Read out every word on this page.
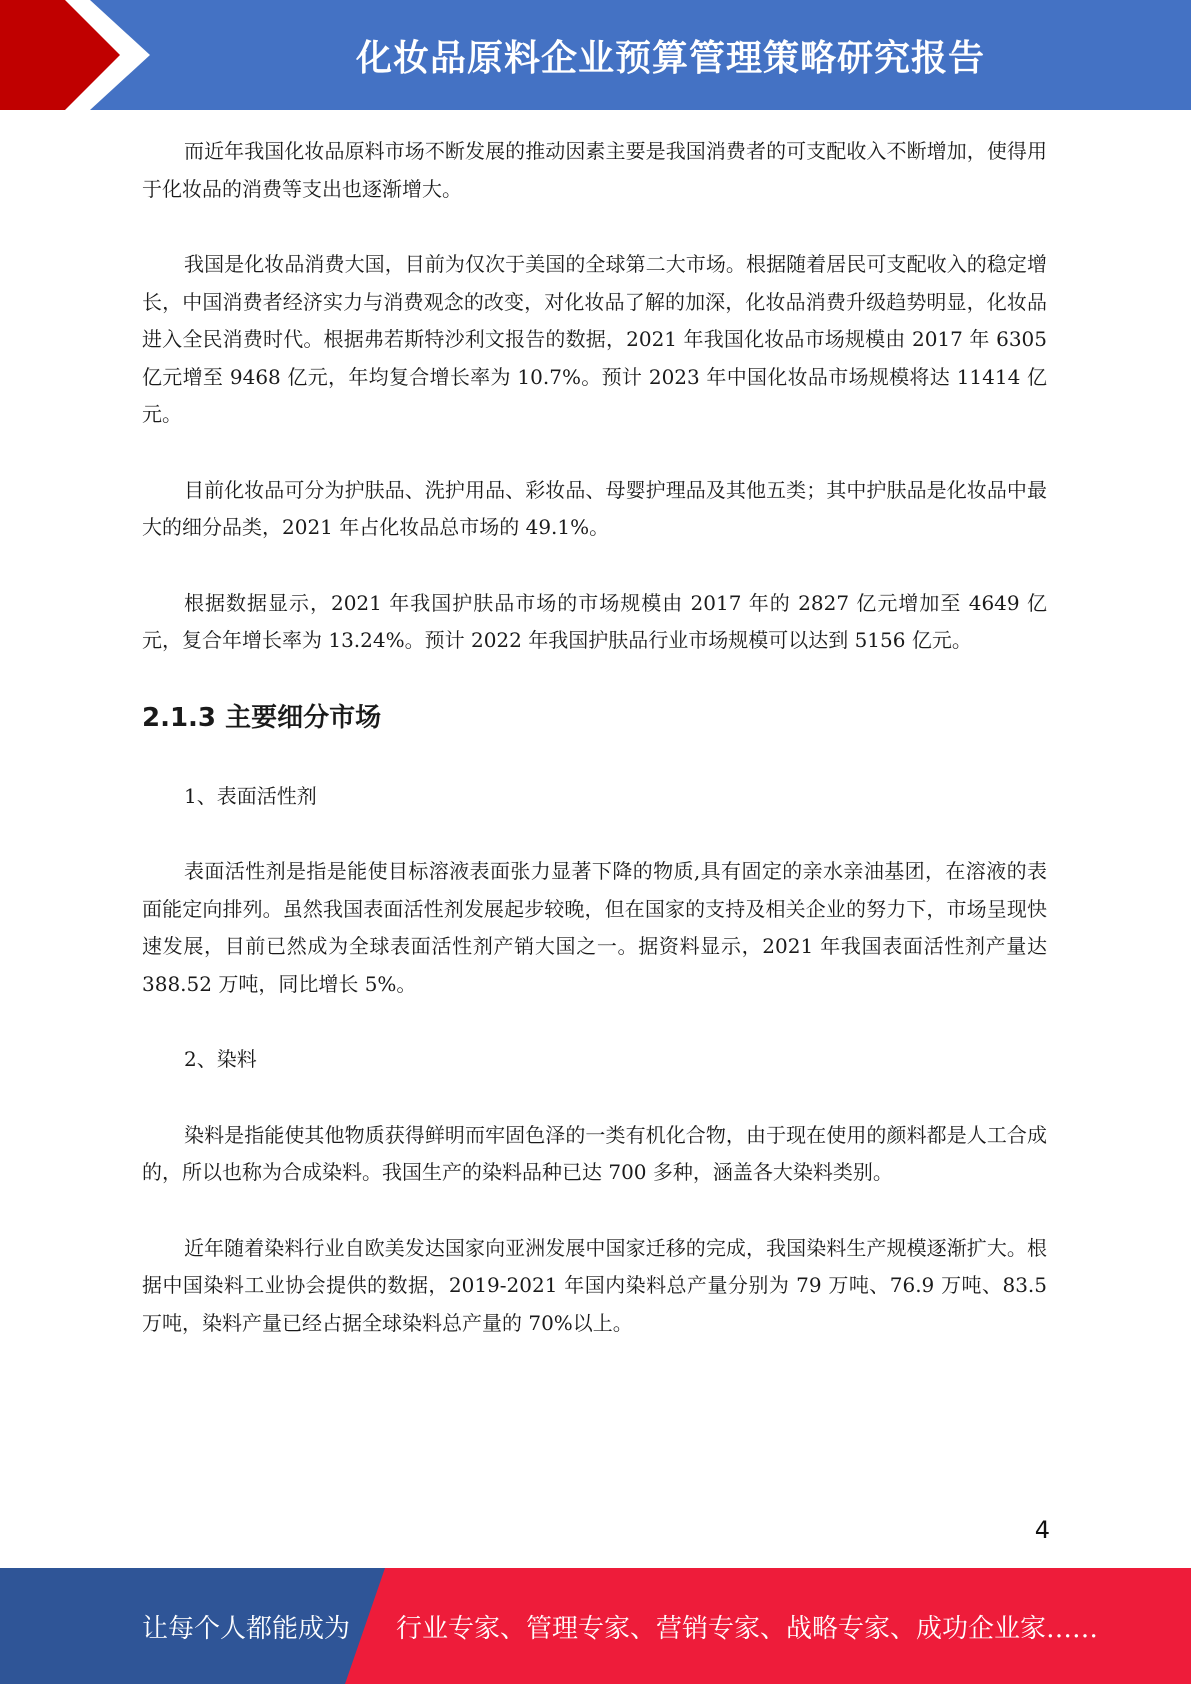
化妆品原料企业预算管理策略研究报告

而近年我国化妆品原料市场不断发展的推动因素主要是我国消费者的可支配收入不断增加，使得用于化妆品的消费等支出也逐渐增大。

我国是化妆品消费大国，目前为仅次于美国的全球第二大市场。根据随着居民可支配收入的稳定增长，中国消费者经济实力与消费观念的改变，对化妆品了解的加深，化妆品消费升级趋势明显，化妆品进入全民消费时代。根据弗若斯特沙利文报告的数据，2021 年我国化妆品市场规模由 2017 年 6305 亿元增至 9468 亿元，年均复合增长率为 10.7%。预计 2023 年中国化妆品市场规模将达 11414 亿元。

目前化妆品可分为护肤品、洗护用品、彩妆品、母婴护理品及其他五类；其中护肤品是化妆品中最大的细分品类，2021 年占化妆品总市场的 49.1%。

根据数据显示，2021 年我国护肤品市场的市场规模由 2017 年的 2827 亿元增加至 4649 亿元，复合年增长率为 13.24%。预计 2022 年我国护肤品行业市场规模可以达到 5156 亿元。

2.1.3 主要细分市场

1、表面活性剂

表面活性剂是指是能使目标溶液表面张力显著下降的物质,具有固定的亲水亲油基团，在溶液的表面能定向排列。虽然我国表面活性剂发展起步较晚，但在国家的支持及相关企业的努力下，市场呈现快速发展，目前已然成为全球表面活性剂产销大国之一。据资料显示，2021 年我国表面活性剂产量达 388.52 万吨，同比增长 5%。

2、染料

染料是指能使其他物质获得鲜明而牢固色泽的一类有机化合物，由于现在使用的颜料都是人工合成的，所以也称为合成染料。我国生产的染料品种已达 700 多种，涵盖各大染料类别。

近年随着染料行业自欧美发达国家向亚洲发展中国家迁移的完成，我国染料生产规模逐渐扩大。根据中国染料工业协会提供的数据，2019-2021 年国内染料总产量分别为 79 万吨、76.9 万吨、83.5 万吨，染料产量已经占据全球染料总产量的 70%以上。

4
让每个人都能成为 行业专家、管理专家、营销专家、战略专家、成功企业家……
